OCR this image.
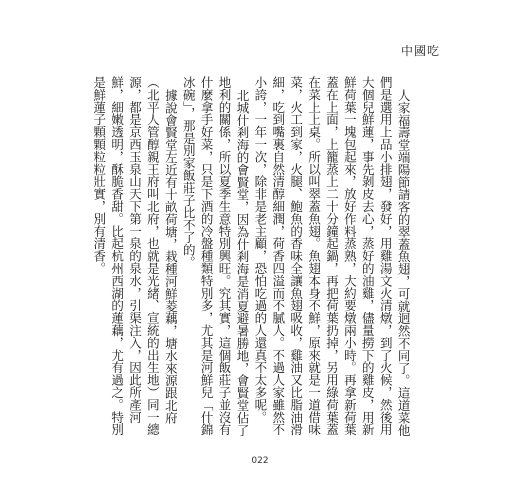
中國吃

人家福壽堂端陽節請客的翠蓋魚翅，可就迥然不同了。這道菜他們是選用上品小排翅，發好，用雞湯文火清燉，到了火候，然後用大個兒鮮蓮，事先剝皮去心，蒸好的油雞，儘量撈下的雞皮，用新鮮荷葉一塊包起來，放好作料蒸熟，大約要燉兩小時。再拿新荷葉蓋在上面，上籠蒸上二十分鐘起鍋，再把荷葉扔掉，另用綠荷葉蓋在菜上上桌。所以叫翠蓋魚翅。魚翅本身不鮮，原來就是一道借味菜，火工到家，火腿、鮑魚的香味全讓魚翅吸收，雞油又比脂油滑細，吃到嘴裏自然清醇細潤，荷香四溢而不膩人。不過人家雖然不小誇，一年一次，除非是老主顧，恐怕吃過的人還真不太多呢。

北城什剎海的會賢堂，因為什剎海是消夏避暑勝地，會賢堂佔了地利的關係，所以夏季生意特別興旺。究其實，這個飯莊子並沒有什麼拿手好菜，只是下酒的冷盤種類特別多，尤其是河鮮兒「什錦冰碗」，那是別家飯莊子比不了的。

據說會賢堂左近有十畝荷塘，栽種河鮮菱藕，塘水來源跟北府（北平人管醇親王府叫北府，也就是光緒、宣統的出生地）同一總源，都是京西玉泉山天下第一泉的泉水，引渠注入，因此所產河鮮，細嫩透明，酥脆香甜。比起杭州西湖的蓮藕，尤有過之。特別是鮮蓮子顆顆粒粒壯實，別有清香。

022
